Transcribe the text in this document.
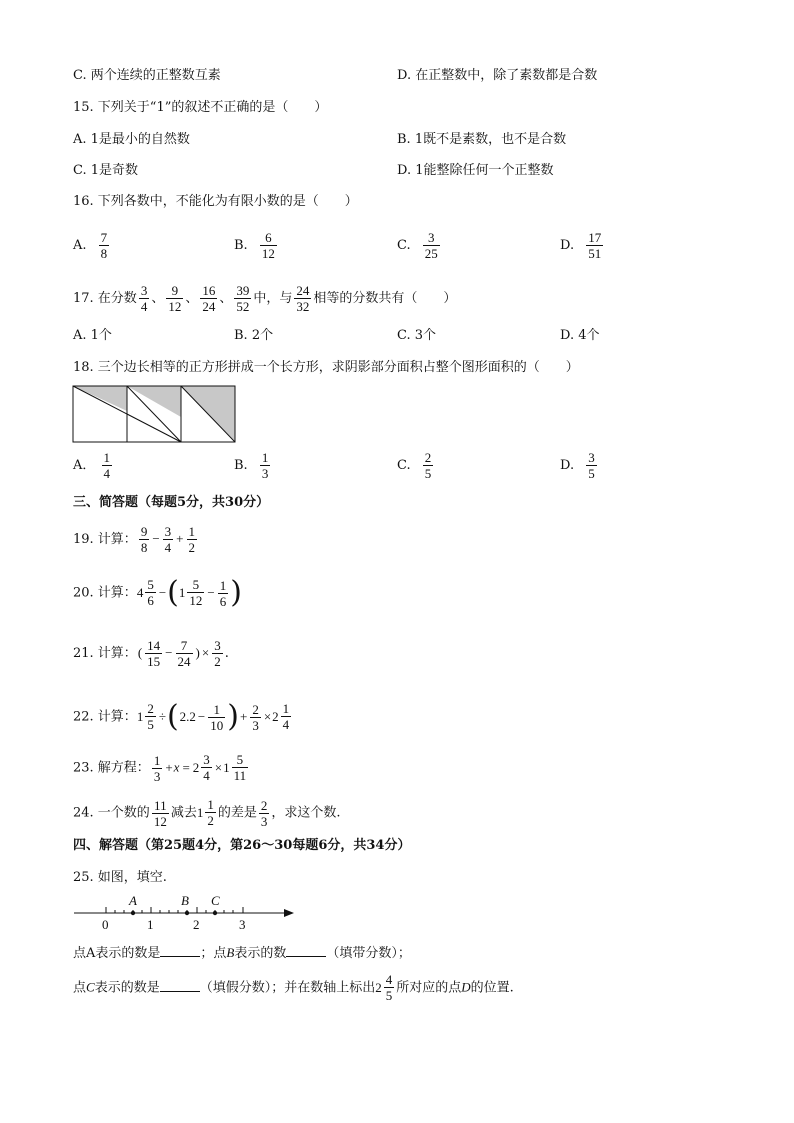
C. 两个连续的正整数互素	D. 在正整数中，除了素数都是合数
15. 下列关于“1”的叙述不正确的是（　　）
A. 1是最小的自然数	B. 1既不是素数，也不是合数
C. 1是奇数	D. 1能整除任何一个正整数
16. 下列各数中，不能化为有限小数的是（　　）
A. $\frac{7}{8}$	B. $\frac{6}{12}$	C. $\frac{3}{25}$	D. $\frac{17}{51}$
17. 在分数 $\frac{3}{4}$ 、 $\frac{9}{12}$ 、 $\frac{16}{24}$ 、 $\frac{39}{52}$ 中，与 $\frac{24}{32}$ 相等的分数共有（　　）
A. 1个	B. 2个	C. 3个	D. 4个
18. 三个边长相等的正方形拼成一个长方形，求阴影部分面积占整个图形面积的（　　）
A． $\frac{1}{4}$	B. $\frac{1}{3}$	C. $\frac{2}{5}$	D. $\frac{3}{5}$
三、简答题（每题5分，共30分）
19. 计算： $\frac{9}{8} - \frac{3}{4} + \frac{1}{2}$
20. 计算： $4 \frac{5}{6}$ −( $1 \frac{5}{12} - \frac{1}{6}$ )
21. 计算：( $\frac{14}{15} - \frac{7}{24}$ ) × $\frac{3}{2}$ .
22. 计算： $1 \frac{2}{5} \div(2.2 - \frac{1}{10}$ )+ $\frac{2}{3} \times 2 \frac{1}{4}$
23. 解方程： $\frac{1}{3} +x = 2 \frac{3}{4} \times 1 \frac{5}{11}$
24. 一个数的 $\frac{11}{12}$ 减去 $1 \frac{1}{2}$ 的差是 $\frac{2}{3}$ ，求这个数.
四、解答题（第25题4分，第26～30每题6分，共34分）
25. 如图，填空.
A	B C
0	1	2	3
点A表示的数是	；点B表示的数	（填带分数）；
点C表示的数是	（填假分数）；并在数轴上标出 $2 \frac{4}{5}$ 所对应的点D的位置.
